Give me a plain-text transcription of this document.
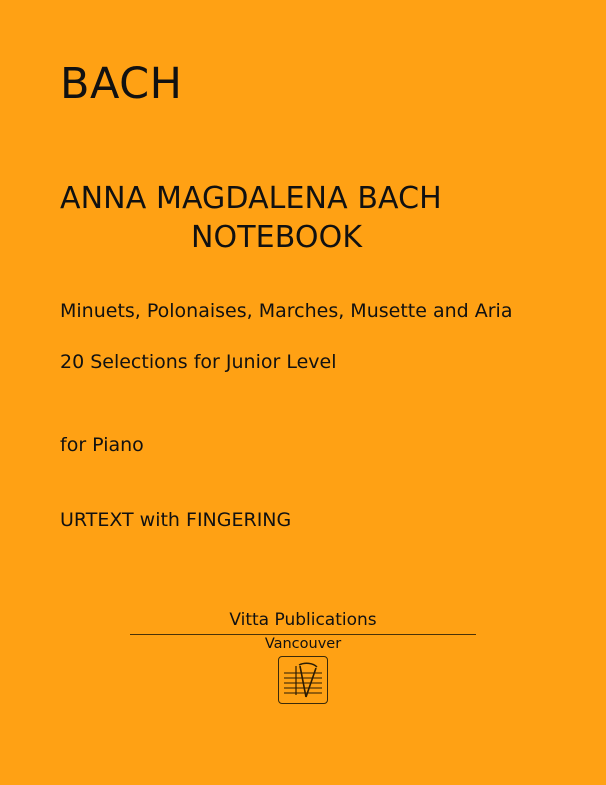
BACH
ANNA MAGDALENA BACH
NOTEBOOK
Minuets, Polonaises, Marches, Musette and Aria
20 Selections for Junior Level
for Piano
URTEXT with FINGERING
Vitta Publications
Vancouver
